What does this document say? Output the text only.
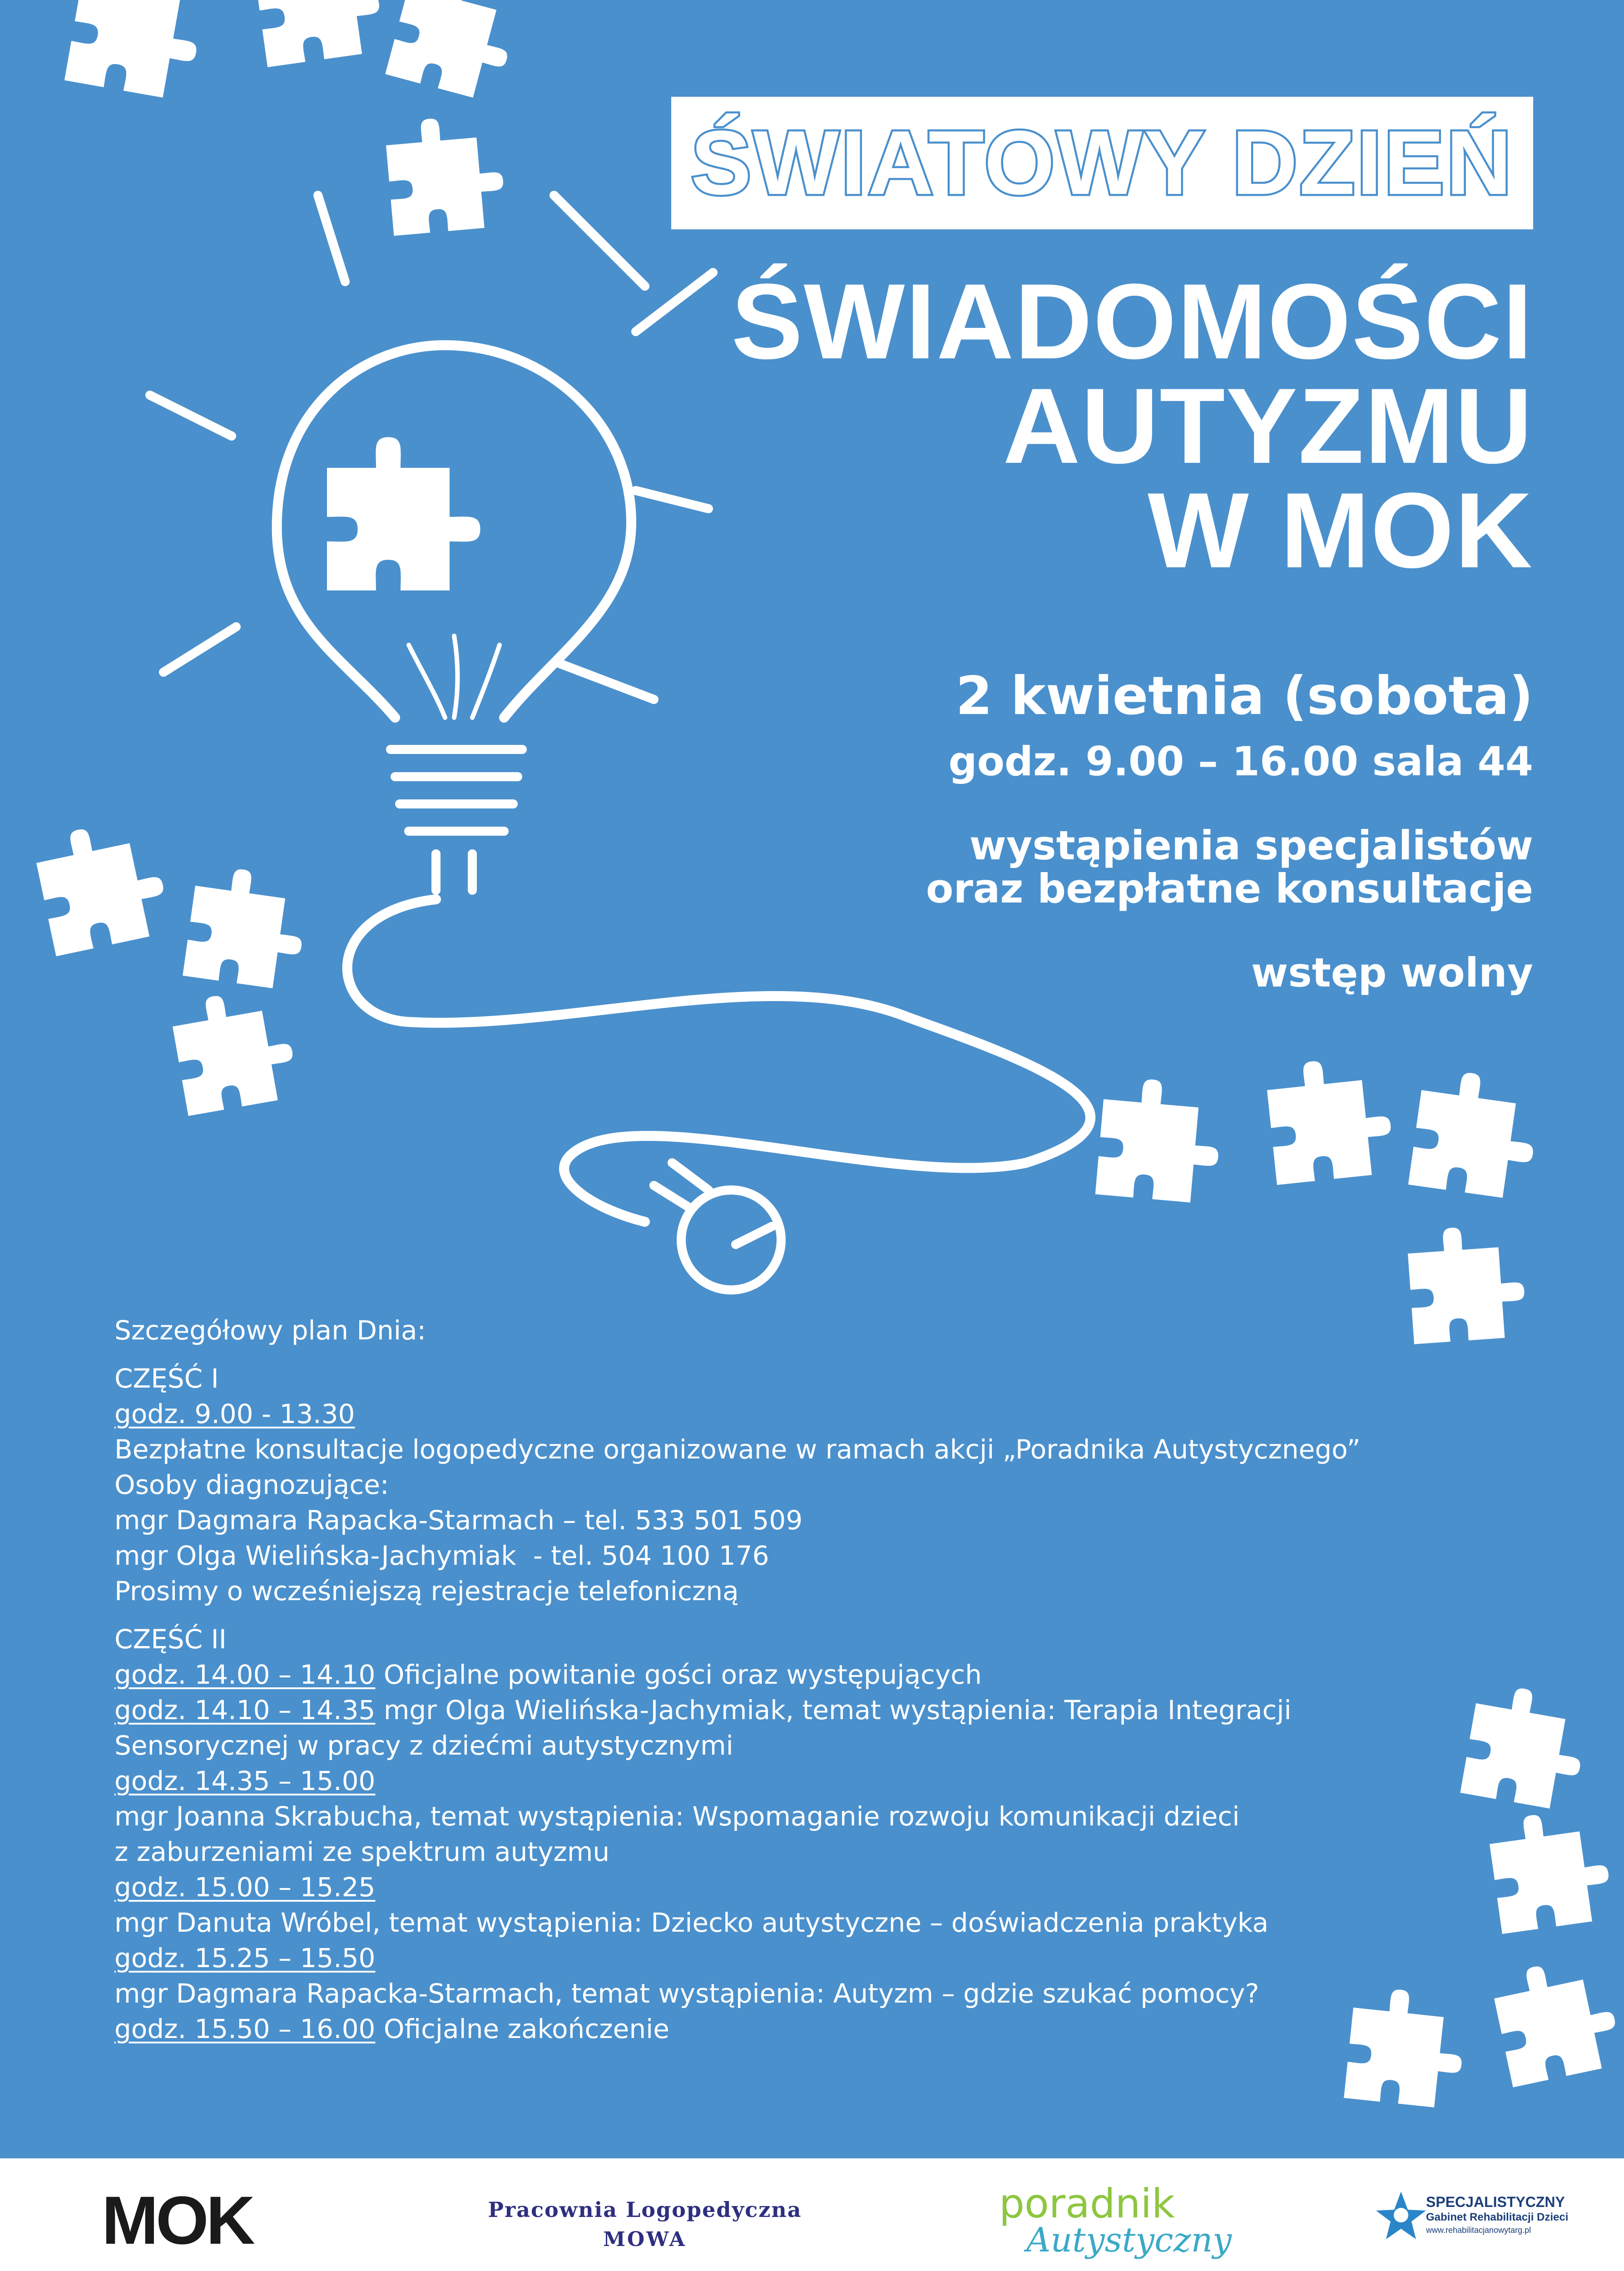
ŚWIATOWY DZIEŃ
ŚWIADOMOŚCI
AUTYZMU
W MOK
2 kwietnia (sobota)
godz. 9.00 – 16.00 sala 44
wystąpienia specjalistów
oraz bezpłatne konsultacje
wstęp wolny
Szczegółowy plan Dnia:
CZĘŚĆ I
godz. 9.00 - 13.30
Bezpłatne konsultacje logopedyczne organizowane w ramach akcji „Poradnika Autystycznego”
Osoby diagnozujące:
mgr Dagmara Rapacka-Starmach – tel. 533 501 509
mgr Olga Wielińska-Jachymiak  - tel. 504 100 176
Prosimy o wcześniejszą rejestracje telefoniczną
CZĘŚĆ II
godz. 14.00 – 14.10 Oficjalne powitanie gości oraz występujących
godz. 14.10 – 14.35 mgr Olga Wielińska-Jachymiak, temat wystąpienia: Terapia Integracji
Sensorycznej w pracy z dziećmi autystycznymi
godz. 14.35 – 15.00
mgr Joanna Skrabucha, temat wystąpienia: Wspomaganie rozwoju komunikacji dzieci
z zaburzeniami ze spektrum autyzmu
godz. 15.00 – 15.25
mgr Danuta Wróbel, temat wystąpienia: Dziecko autystyczne – doświadczenia praktyka
godz. 15.25 – 15.50
mgr Dagmara Rapacka-Starmach, temat wystąpienia: Autyzm – gdzie szukać pomocy?
godz. 15.50 – 16.00 Oficjalne zakończenie
MOK	Pracownia Logopedyczna
MOWA
poradnik
Autystyczny
SPECJALISTYCZNY
Gabinet Rehabilitacji Dzieci
www.rehabilitacjanowytarg.pl
